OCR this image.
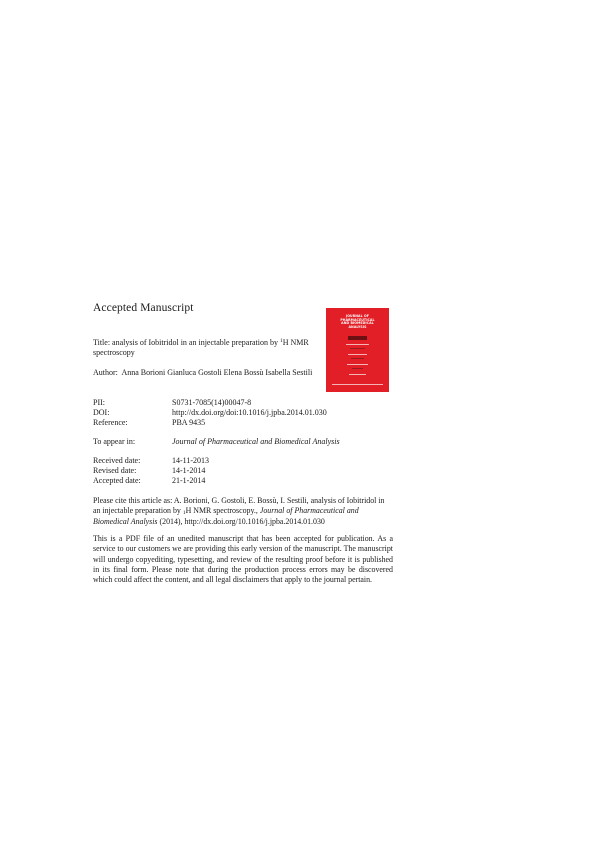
Accepted Manuscript
JOURNAL OF
PHARMACEUTICAL
AND BIOMEDICAL
ANALYSIS
Title: analysis of Iobitridol in an injectable preparation by $^1$H NMR spectroscopy
Author: Anna Borioni Gianluca Gostoli Elena Bossù Isabella Sestili
PII:	S0731-7085(14)00047-8
DOI:	http://dx.doi.org/doi:10.1016/j.jpba.2014.01.030
Reference:	PBA 9435
To appear in:	Journal of Pharmaceutical and Biomedical Analysis
Received date:	14-11-2013
Revised date:	14-1-2014
Accepted date:	21-1-2014
Please cite this article as: A. Borioni, G. Gostoli, E. Bossù, I. Sestili, analysis of Iobitridol in an injectable preparation by $_1$H NMR spectroscopy., Journal of Pharmaceutical and Biomedical Analysis (2014), http://dx.doi.org/10.1016/j.jpba.2014.01.030
This is a PDF file of an unedited manuscript that has been accepted for publication. As a service to our customers we are providing this early version of the manuscript. The manuscript will undergo copyediting, typesetting, and review of the resulting proof before it is published in its final form. Please note that during the production process errors may be discovered which could affect the content, and all legal disclaimers that apply to the journal pertain.
